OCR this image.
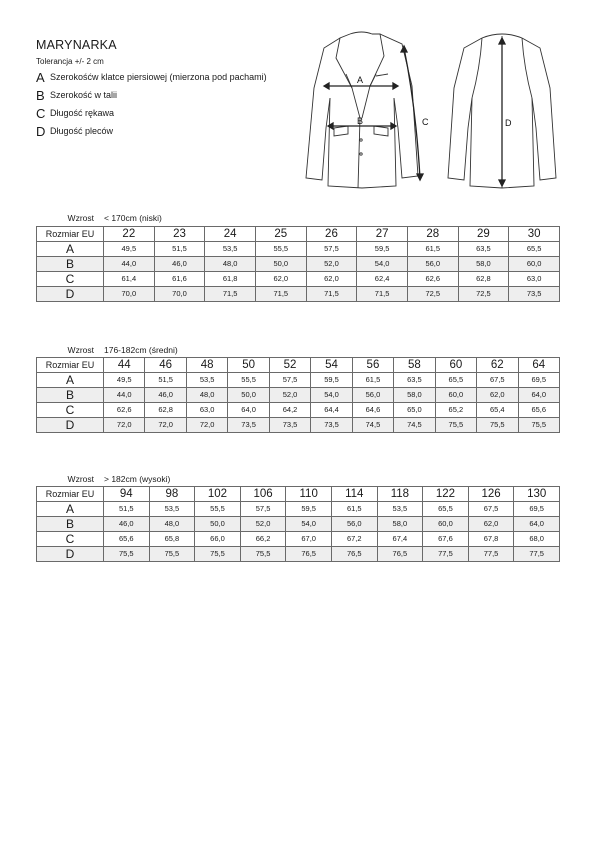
MARYNARKA
Tolerancja +/- 2 cm
A Szerokośćw klatce piersiowej (mierzona pod pachami)
B Szerokość w talii
C Długość rękawa
D Długość pleców
A
B	C	D
Wzrost < 170cm (niski)
Rozmiar EU	22	23	24	25	26	27	28	29	30
A	49,5	51,5	53,5	55,5	57,5	59,5	61,5	63,5	65,5
B	44,0	46,0	48,0	50,0	52,0	54,0	56,0	58,0	60,0
C	61,4	61,6	61,8	62,0	62,0	62,4	62,6	62,8	63,0
D	70,0	70,0	71,5	71,5	71,5	71,5	72,5	72,5	73,5
Wzrost 176-182cm (średni)
Rozmiar EU	44	46	48	50	52	54	56	58	60	62	64
A	49,5	51,5	53,5	55,5	57,5	59,5	61,5	63,5	65,5	67,5	69,5
B	44,0	46,0	48,0	50,0	52,0	54,0	56,0	58,0	60,0	62,0	64,0
C	62,6	62,8	63,0	64,0	64,2	64,4	64,6	65,0	65,2	65,4	65,6
D	72,0	72,0	72,0	73,5	73,5	73,5	74,5	74,5	75,5	75,5	75,5
Wzrost > 182cm (wysoki)
Rozmiar EU	94	98	102	106	110	114	118	122	126	130
A	51,5	53,5	55,5	57,5	59,5	61,5	53,5	65,5	67,5	69,5
B	46,0	48,0	50,0	52,0	54,0	56,0	58,0	60,0	62,0	64,0
C	65,6	65,8	66,0	66,2	67,0	67,2	67,4	67,6	67,8	68,0
D	75,5	75,5	75,5	75,5	76,5	76,5	76,5	77,5	77,5	77,5
